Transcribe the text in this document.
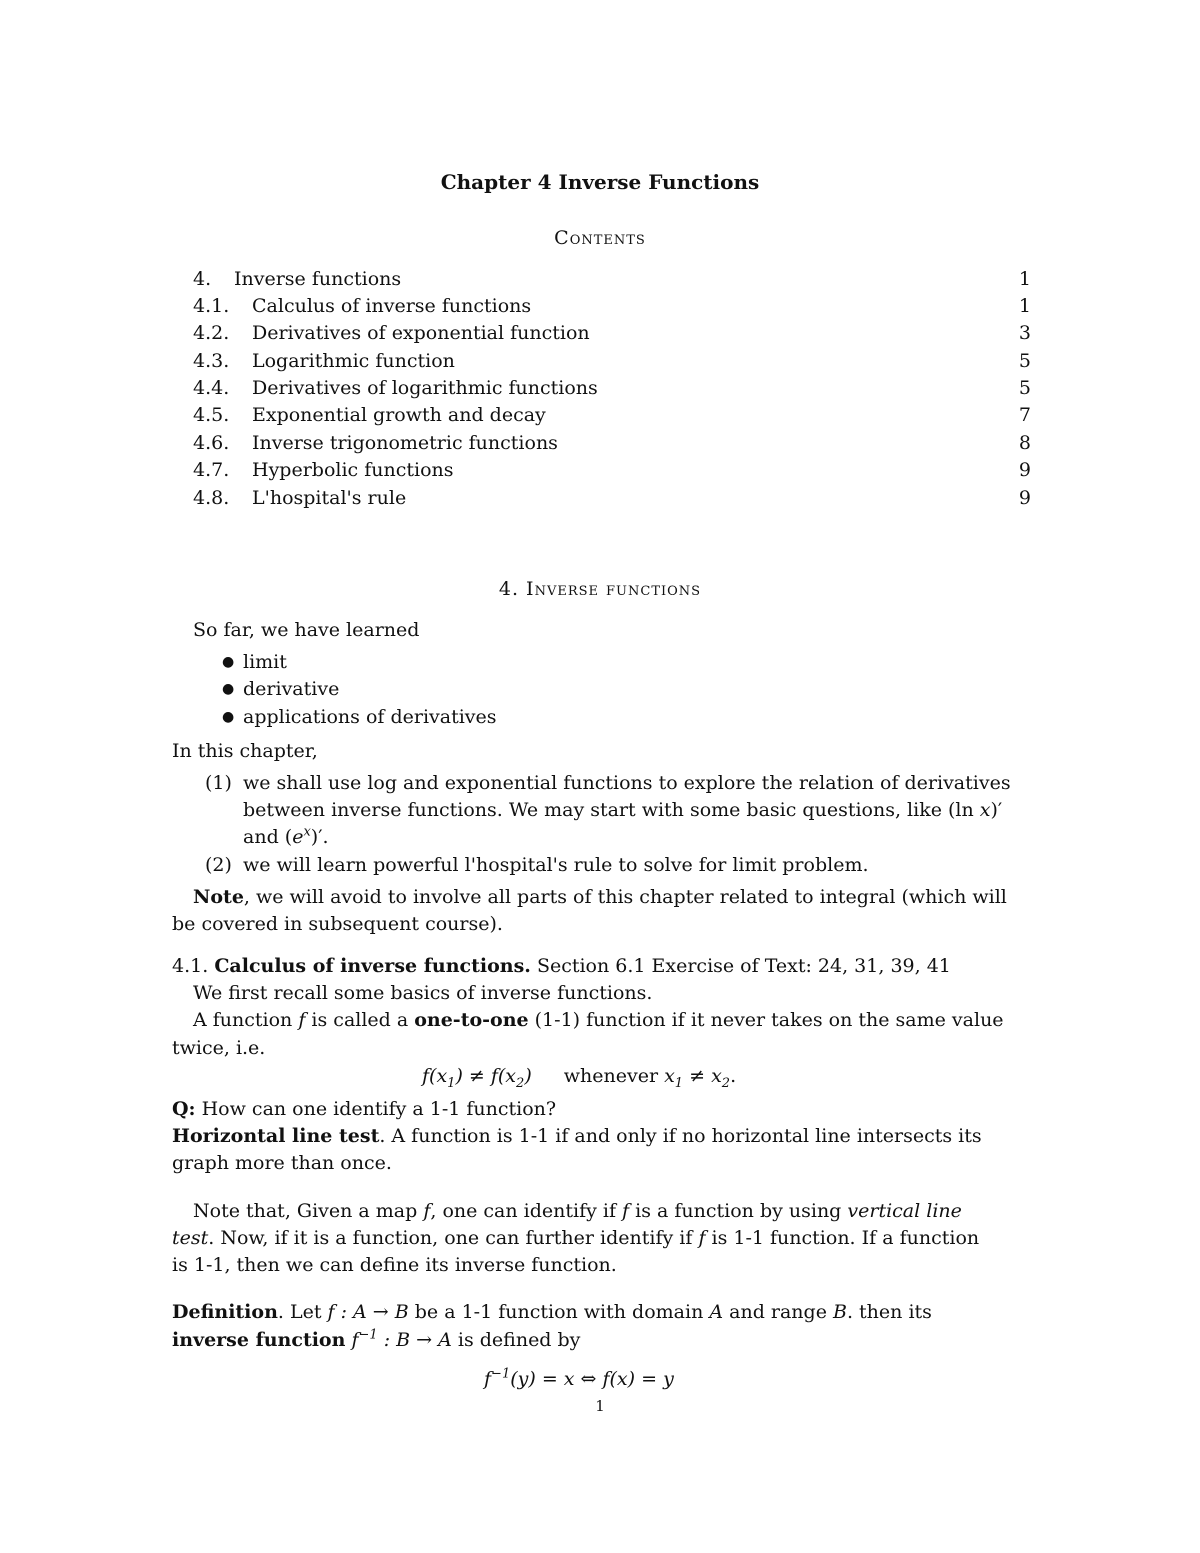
Chapter 4 Inverse Functions
Contents
4. Inverse functions	1
4.1. Calculus of inverse functions	1
4.2. Derivatives of exponential function	3
4.3. Logarithmic function	5
4.4. Derivatives of logarithmic functions	5
4.5. Exponential growth and decay	7
4.6. Inverse trigonometric functions	8
4.7. Hyperbolic functions	9
4.8. L'hospital's rule	9
4. Inverse functions
So far, we have learned
● limit
● derivative
● applications of derivatives
In this chapter,
(1) we shall use log and exponential functions to explore the relation of derivatives
between inverse functions. We may start with some basic questions, like (ln x)′
and $(e^x)'$.
(2) we will learn powerful l'hospital's rule to solve for limit problem.
Note, we will avoid to involve all parts of this chapter related to integral (which will
be covered in subsequent course).
4.1. Calculus of inverse functions. Section 6.1 Exercise of Text: 24, 31, 39, 41
We first recall some basics of inverse functions.
A function f is called a one-to-one (1-1) function if it never takes on the same value
twice, i.e.
$f(x_1) \ne f(x_2)$ whenever $x_1 \ne x_2$.
Q: How can one identify a 1-1 function?
Horizontal line test. A function is 1-1 if and only if no horizontal line intersects its
graph more than once.
Note that, Given a map f, one can identify if f is a function by using vertical line
test. Now, if it is a function, one can further identify if f is 1-1 function. If a function
is 1-1, then we can define its inverse function.
Definition. Let f : A → B be a 1-1 function with domain A and range B. then its
inverse function $f^{-1}$ : B → A is defined by
$f^{-1}(y) = x$ ⇔ f(x) = y
1
